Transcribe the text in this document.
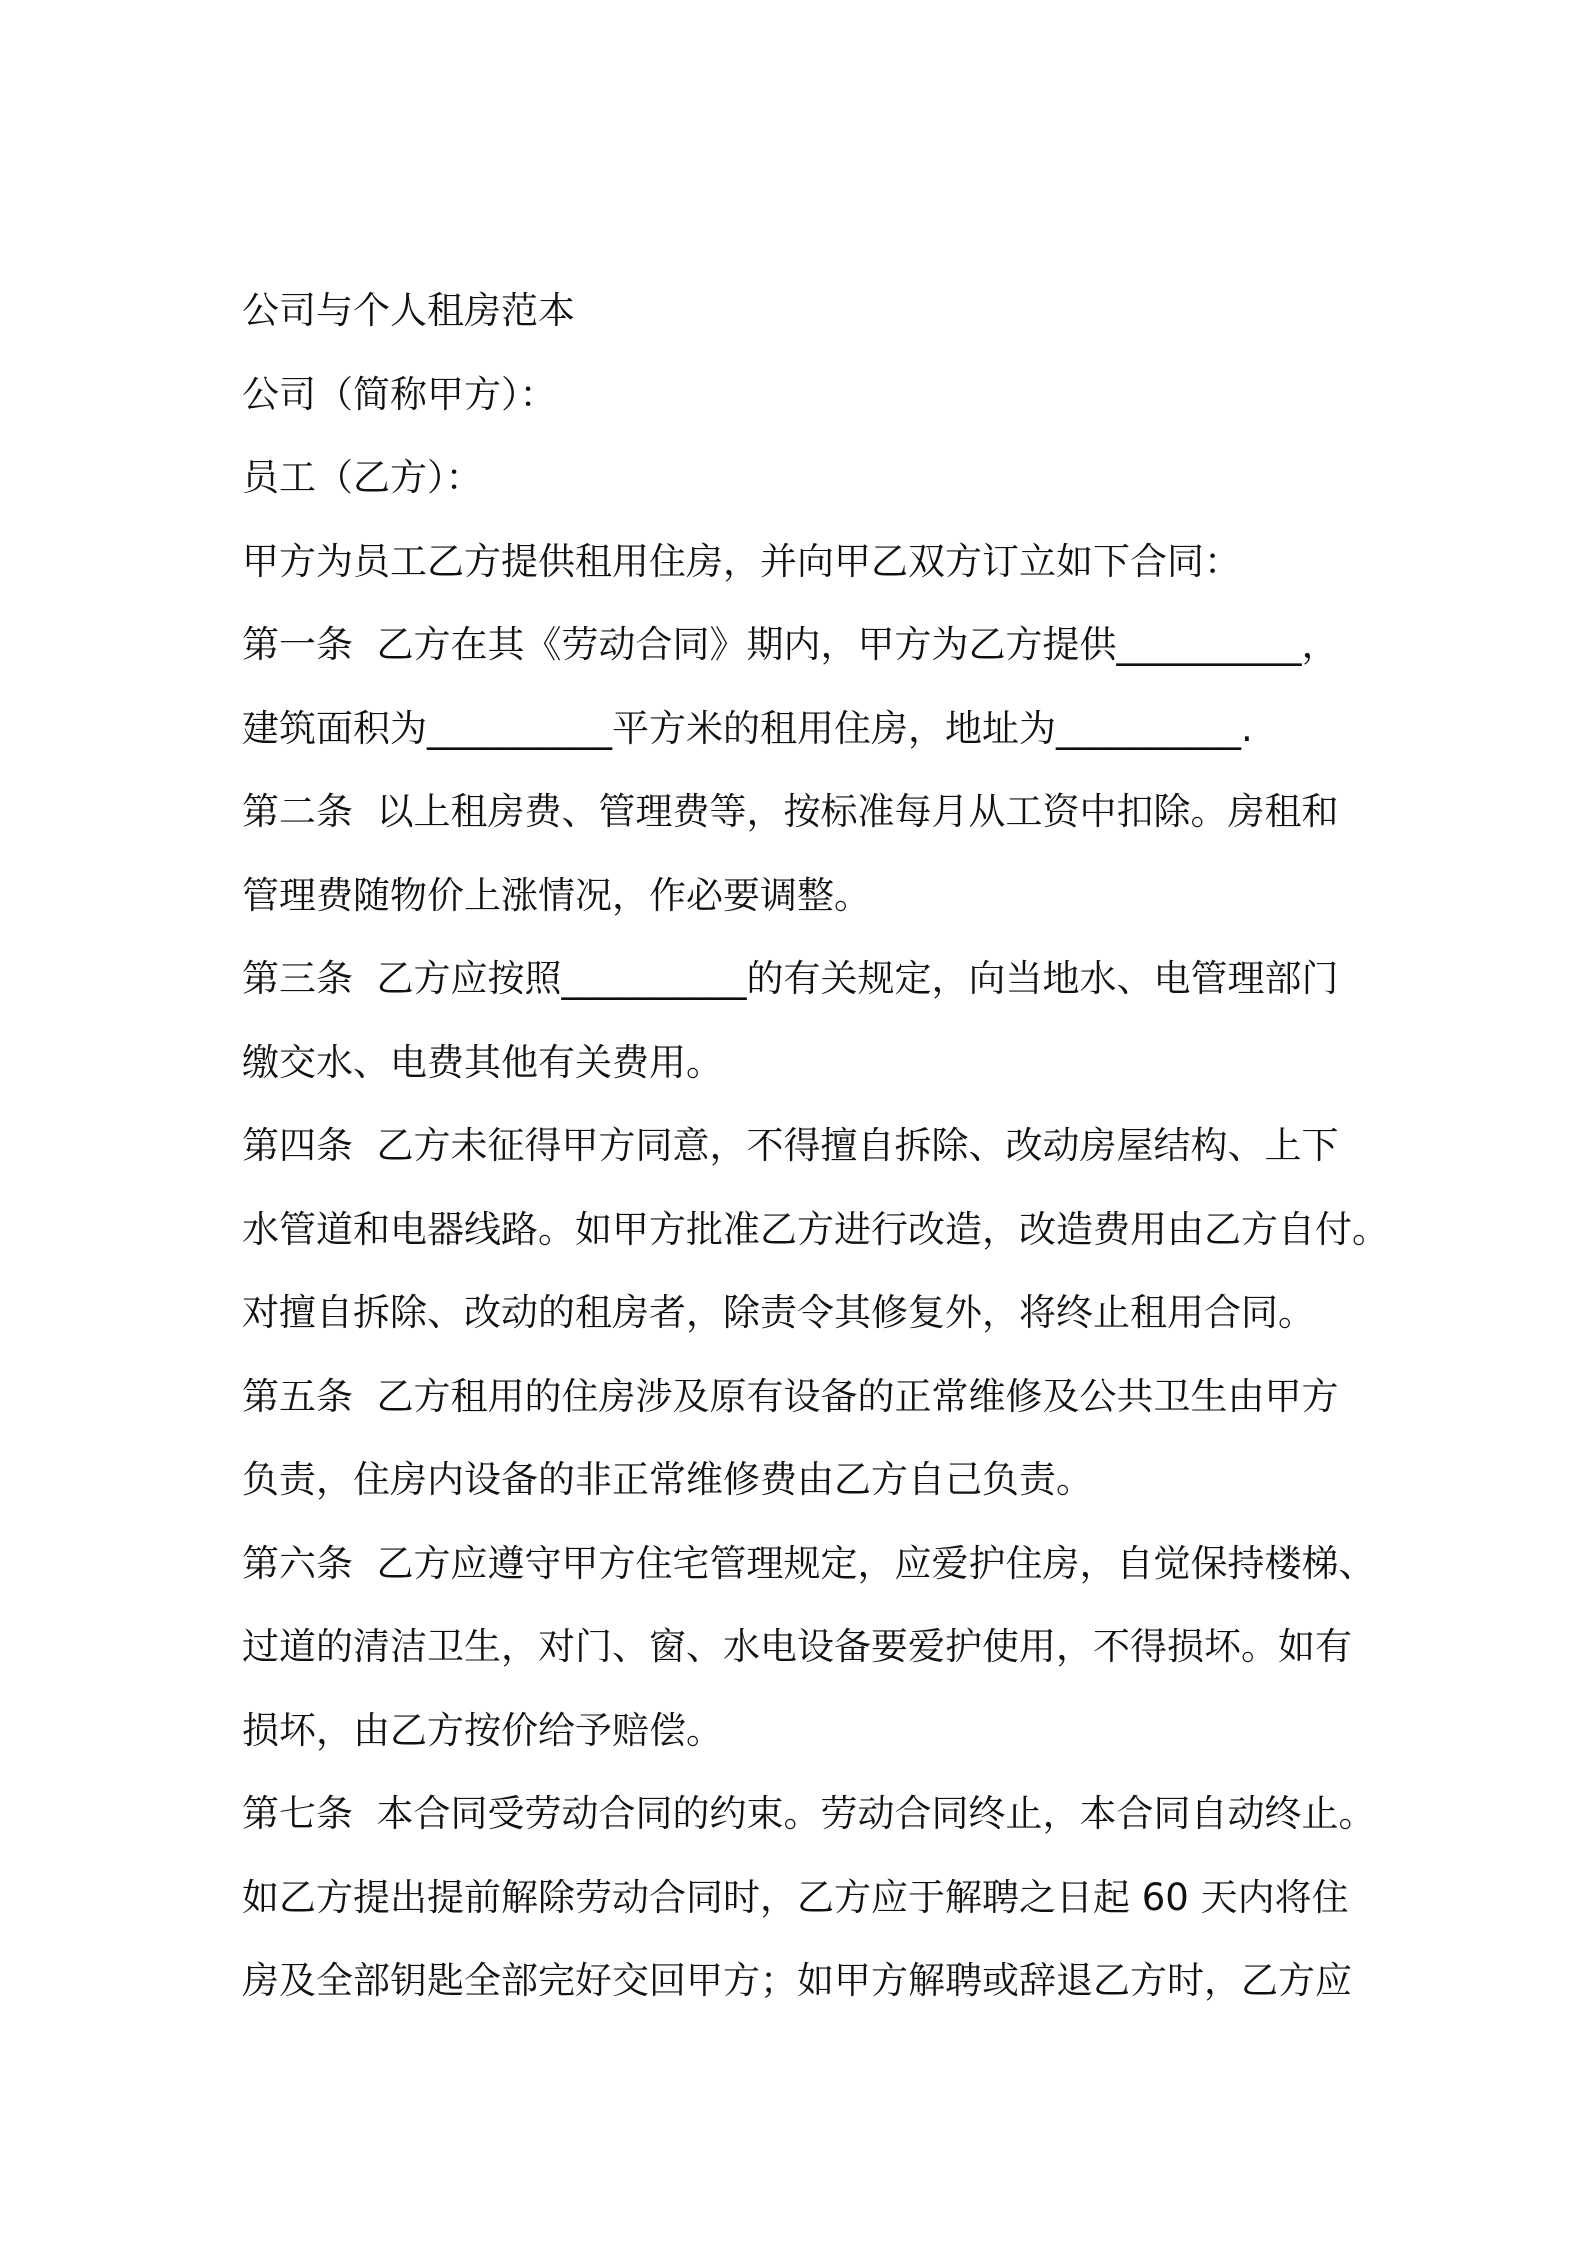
公司与个人租房范本
公司（简称甲方）：
员工（乙方）：
甲方为员工乙方提供租用住房，并向甲乙双方订立如下合同：
第一条  乙方在其《劳动合同》期内，甲方为乙方提供__________，
建筑面积为__________平方米的租用住房，地址为__________.
第二条  以上租房费、管理费等，按标准每月从工资中扣除。房租和
管理费随物价上涨情况，作必要调整。
第三条  乙方应按照__________的有关规定，向当地水、电管理部门
缴交水、电费其他有关费用。
第四条  乙方未征得甲方同意，不得擅自拆除、改动房屋结构、上下
水管道和电器线路。如甲方批准乙方进行改造，改造费用由乙方自付。
对擅自拆除、改动的租房者，除责令其修复外，将终止租用合同。
第五条  乙方租用的住房涉及原有设备的正常维修及公共卫生由甲方
负责，住房内设备的非正常维修费由乙方自己负责。
第六条  乙方应遵守甲方住宅管理规定，应爱护住房，自觉保持楼梯、
过道的清洁卫生，对门、窗、水电设备要爱护使用，不得损坏。如有
损坏，由乙方按价给予赔偿。
第七条  本合同受劳动合同的约束。劳动合同终止，本合同自动终止。
如乙方提出提前解除劳动合同时，乙方应于解聘之日起 60 天内将住
房及全部钥匙全部完好交回甲方；如甲方解聘或辞退乙方时，乙方应
